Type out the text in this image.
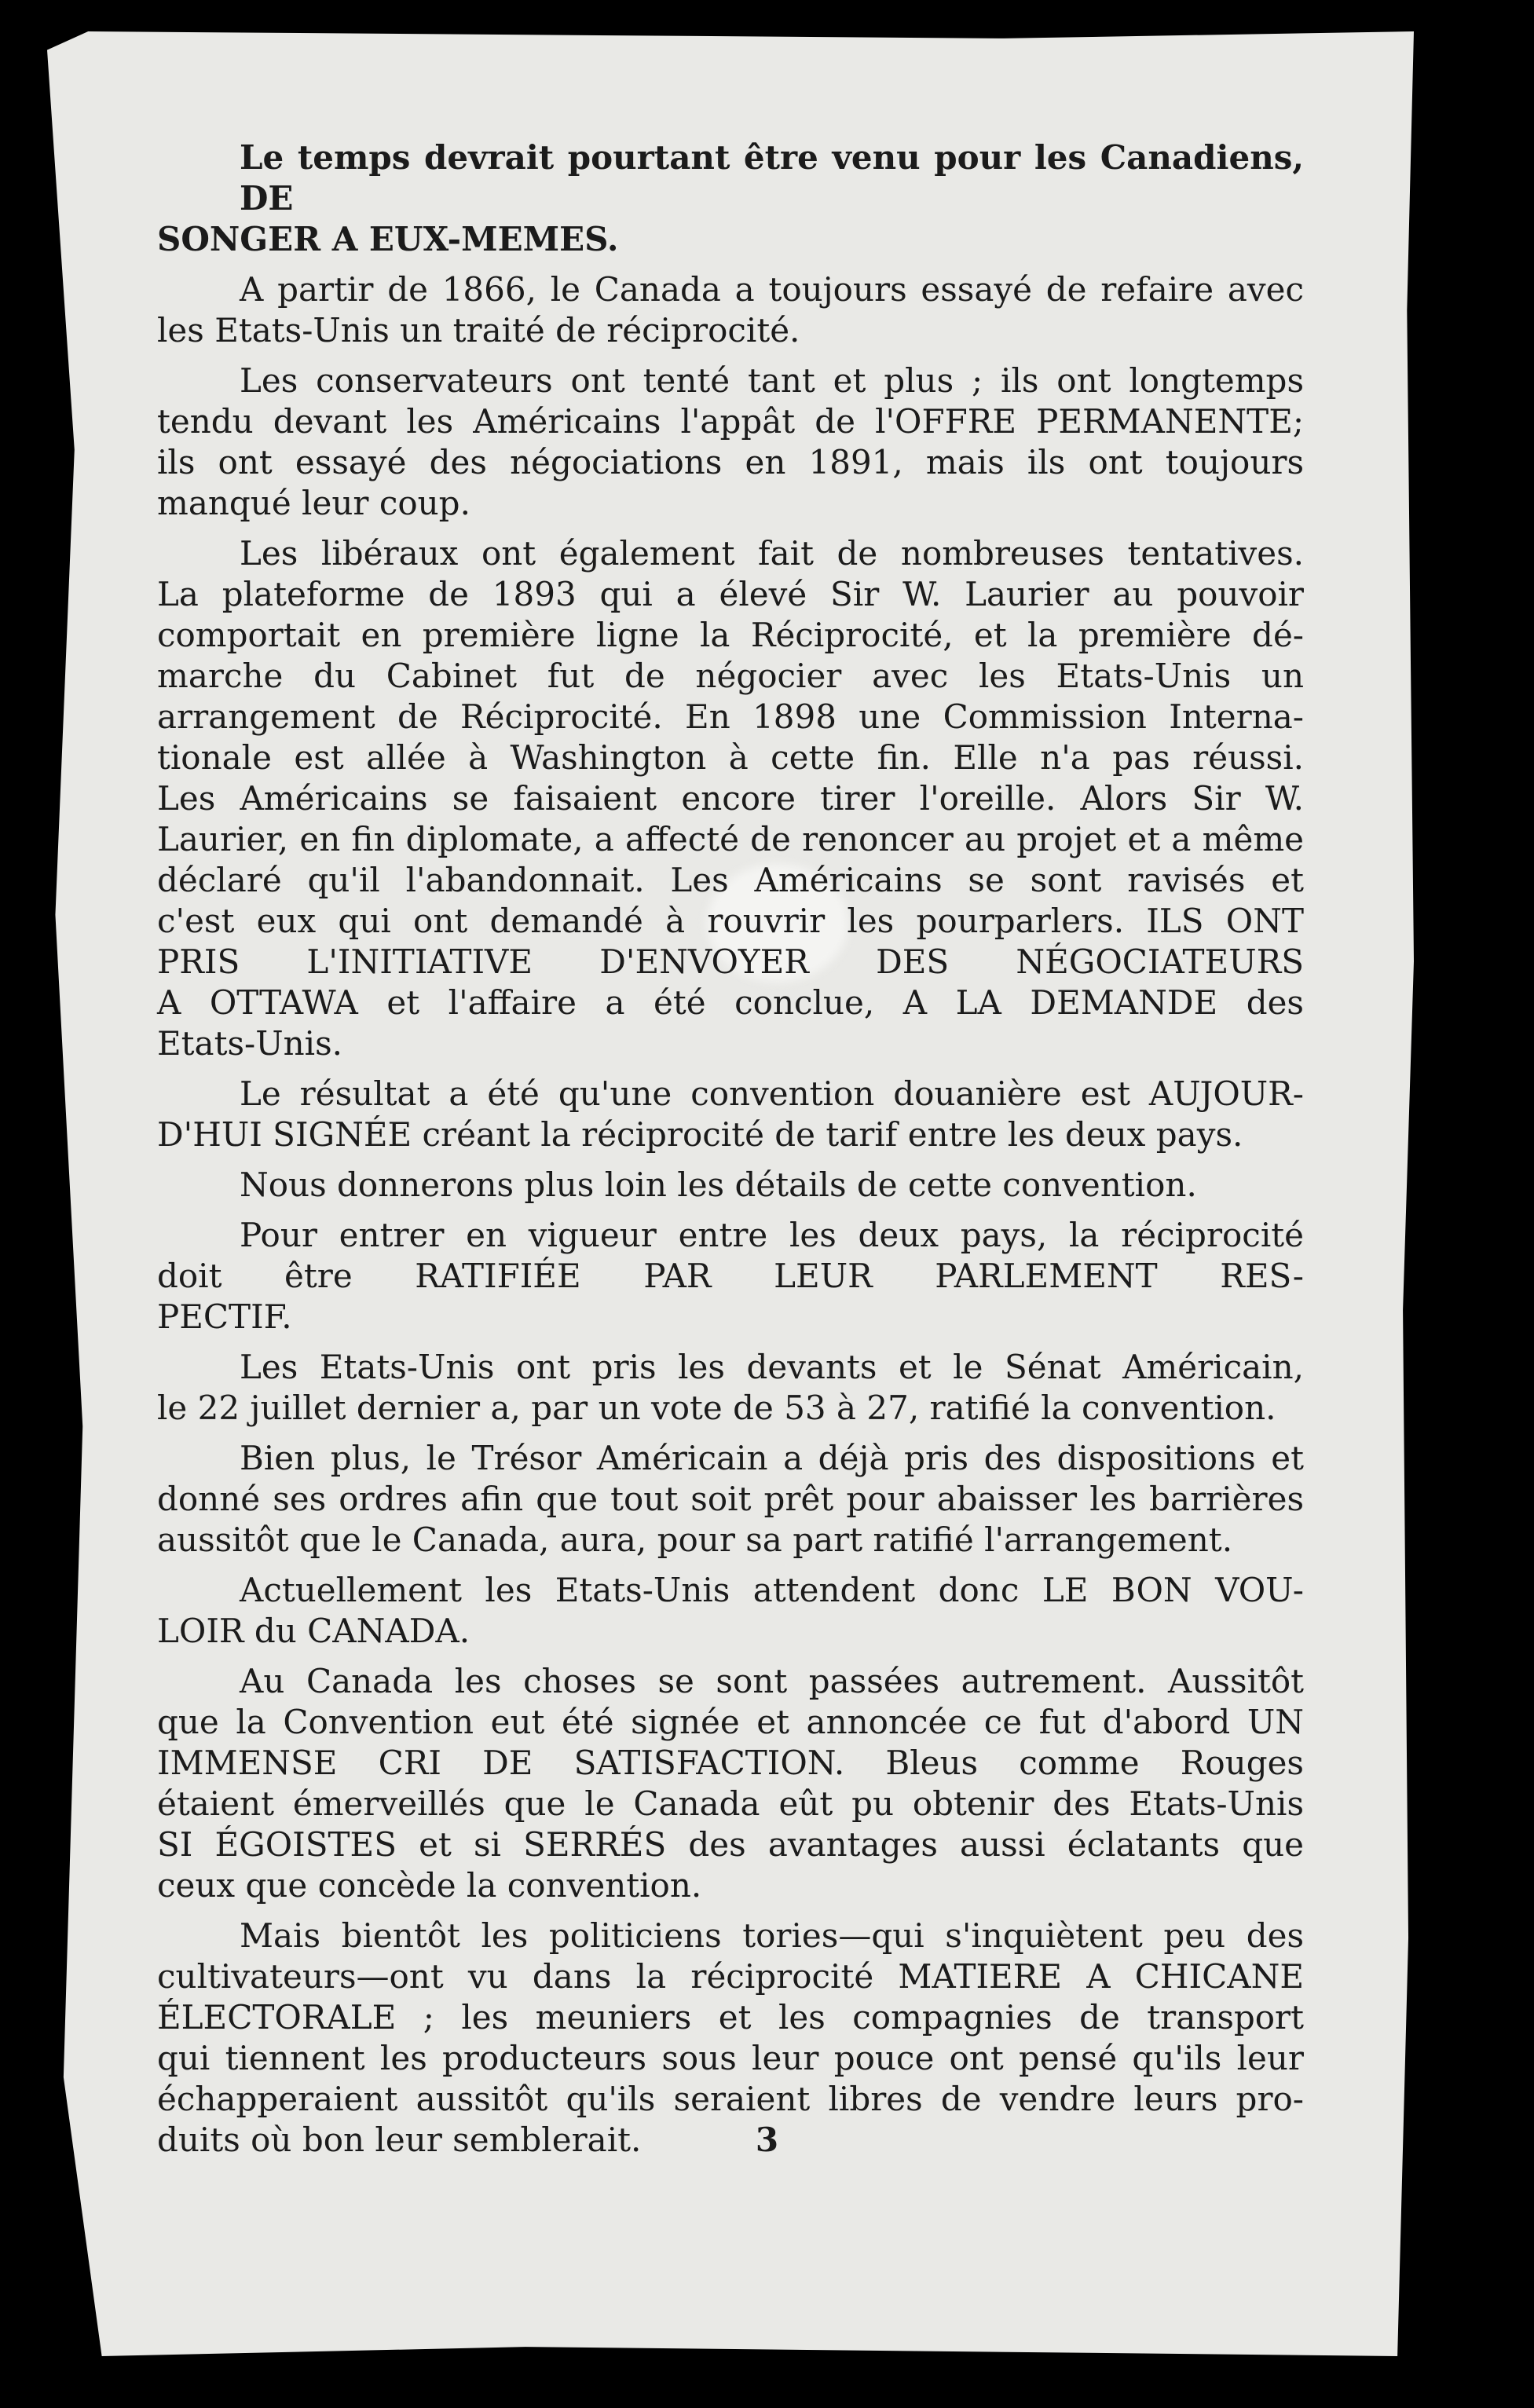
Le temps devrait pourtant être venu pour les Canadiens, DE
SONGER A EUX-MEMES.
A partir de 1866, le Canada a toujours essayé de refaire avec
les Etats-Unis un traité de réciprocité.
Les conservateurs ont tenté tant et plus ; ils ont longtemps
tendu devant les Américains l'appât de l'OFFRE PERMANENTE;
ils ont essayé des négociations en 1891, mais ils ont toujours
manqué leur coup.
Les libéraux ont également fait de nombreuses tentatives.
La plateforme de 1893 qui a élevé Sir W. Laurier au pouvoir
comportait en première ligne la Réciprocité, et la première dé-
marche du Cabinet fut de négocier avec les Etats-Unis un
arrangement de Réciprocité. En 1898 une Commission Interna-
tionale est allée à Washington à cette fin. Elle n'a pas réussi.
Les Américains se faisaient encore tirer l'oreille. Alors Sir W.
Laurier, en fin diplomate, a affecté de renoncer au projet et a même
déclaré qu'il l'abandonnait. Les Américains se sont ravisés et
c'est eux qui ont demandé à rouvrir les pourparlers. ILS ONT
PRIS L'INITIATIVE D'ENVOYER DES NÉGOCIATEURS
A OTTAWA et l'affaire a été conclue, A LA DEMANDE des
Etats-Unis.
Le résultat a été qu'une convention douanière est AUJOUR-
D'HUI SIGNÉE créant la réciprocité de tarif entre les deux pays.
Nous donnerons plus loin les détails de cette convention.
Pour entrer en vigueur entre les deux pays, la réciprocité
doit être RATIFIÉE PAR LEUR PARLEMENT RES-
PECTIF.
Les Etats-Unis ont pris les devants et le Sénat Américain,
le 22 juillet dernier a, par un vote de 53 à 27, ratifié la convention.
Bien plus, le Trésor Américain a déjà pris des dispositions et
donné ses ordres afin que tout soit prêt pour abaisser les barrières
aussitôt que le Canada, aura, pour sa part ratifié l'arrangement.
Actuellement les Etats-Unis attendent donc LE BON VOU-
LOIR du CANADA.
Au Canada les choses se sont passées autrement. Aussitôt
que la Convention eut été signée et annoncée ce fut d'abord UN
IMMENSE CRI DE SATISFACTION. Bleus comme Rouges
étaient émerveillés que le Canada eût pu obtenir des Etats-Unis
SI ÉGOISTES et si SERRÉS des avantages aussi éclatants que
ceux que concède la convention.
Mais bientôt les politiciens tories—qui s'inquiètent peu des
cultivateurs—ont vu dans la réciprocité MATIERE A CHICANE
ÉLECTORALE ; les meuniers et les compagnies de transport
qui tiennent les producteurs sous leur pouce ont pensé qu'ils leur
échapperaient aussitôt qu'ils seraient libres de vendre leurs pro-
duits où bon leur semblerait.	3
